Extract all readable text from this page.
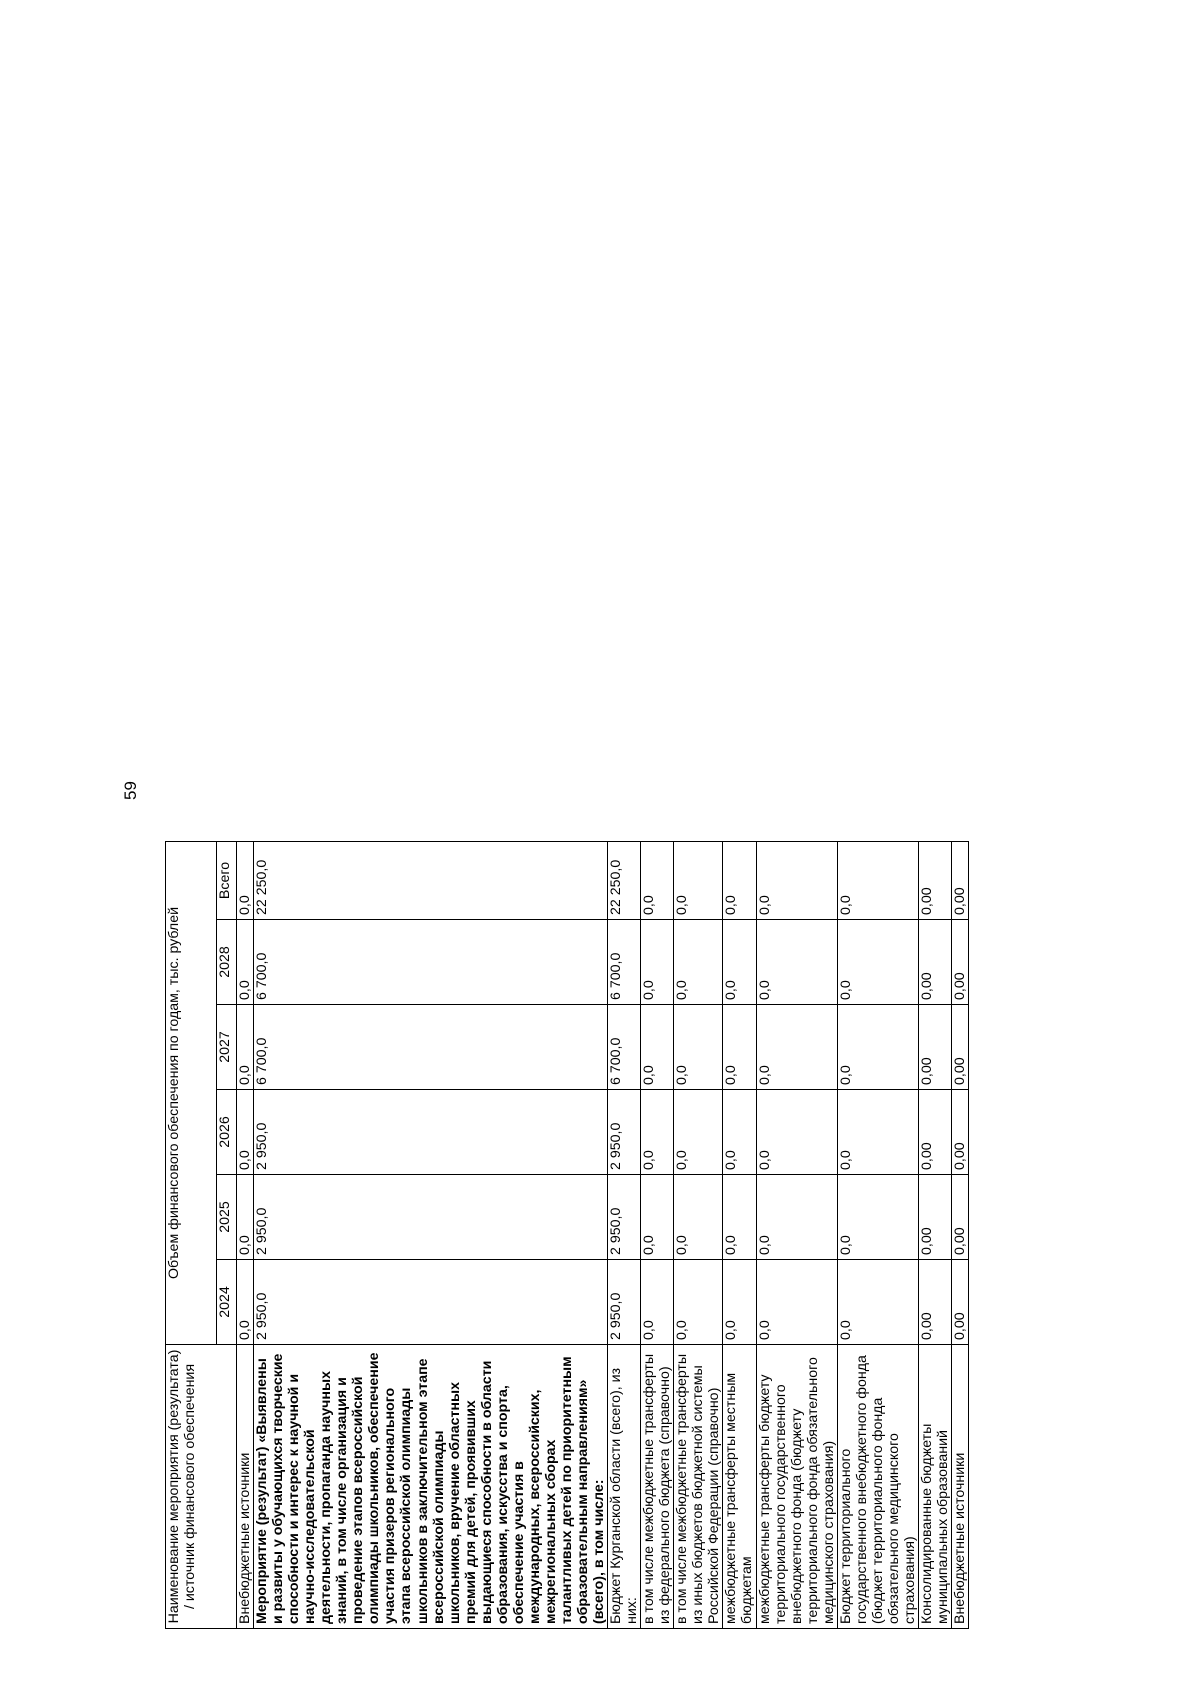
59
Наименование мероприятия (результата) / источник финансового обеспечения	Объем финансового обеспечения по годам, тыс. рублей					
	2024	2025	2026	2027	2028	Всего
Внебюджетные источники	0,0	0,0	0,0	0,0	0,0	0,0
Мероприятие (результат) «Выявлены и развиты у обучающихся творческие способности и интерес к научной и научно-исследовательской деятельности, пропаганда научных знаний, в том числе организация и проведение этапов всероссийской олимпиады школьников, обеспечение участия призеров регионального этапа всероссийской олимпиады школьников в заключительном этапе всероссийской олимпиады школьников, вручение областных премий для детей, проявивших выдающиеся способности в области образования, искусства и спорта, обеспечение участия в международных, всероссийских, межрегиональных сборах талантливых детей по приоритетным образовательным направлениям» (всего), в том числе:	2 950,0	2 950,0	2 950,0	6 700,0	6 700,0	22 250,0
Бюджет Курганской области (всего), из них:	2 950,0	2 950,0	2 950,0	6 700,0	6 700,0	22 250,0
в том числе межбюджетные трансферты из федерального бюджета (справочно)	0,0	0,0	0,0	0,0	0,0	0,0
в том числе межбюджетные трансферты из иных бюджетов бюджетной системы Российской Федерации (справочно)	0,0	0,0	0,0	0,0	0,0	0,0
межбюджетные трансферты местным бюджетам	0,0	0,0	0,0	0,0	0,0	0,0
межбюджетные трансферты бюджету территориального государственного внебюджетного фонда (бюджету территориального фонда обязательного медицинского страхования)	0,0	0,0	0,0	0,0	0,0	0,0
Бюджет территориального государственного внебюджетного фонда (бюджет территориального фонда обязательного медицинского страхования)	0,0	0,0	0,0	0,0	0,0	0,0
Консолидированные бюджеты муниципальных образований	0,00	0,00	0,00	0,00	0,00	0,00
Внебюджетные источники	0,00	0,00	0,00	0,00	0,00	0,00
